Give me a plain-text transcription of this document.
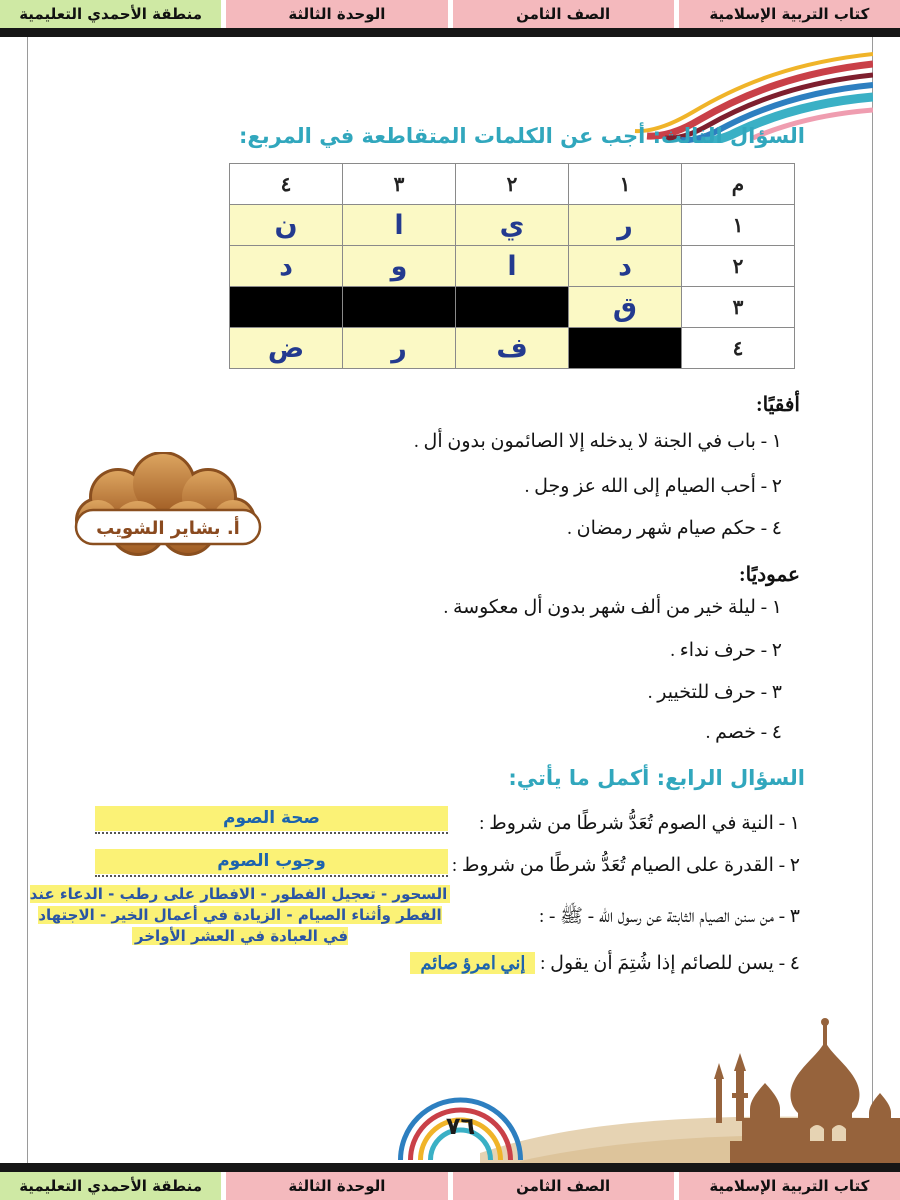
كتاب التربية الإسلامية
الصف الثامن
الوحدة الثالثة
منطقة الأحمدي التعليمية
السؤال الثالث: أجب عن الكلمات المتقاطعة في المربع:
م	١	٢	٣	٤
١	ر	ي	ا	ن
٢	د	ا	و	د
٣	ق			
٤		ف	ر	ض
أفقيًا:
١ - باب في الجنة لا يدخله إلا الصائمون بدون أل .
٢ - أحب الصيام إلى الله عز وجل .
٤ - حكم صيام شهر رمضان .
عموديًا:
١ - ليلة خير من ألف شهر بدون أل معكوسة .
٢ - حرف نداء .
٣ - حرف للتخيير .
٤ - خصم .
أ. بشاير الشويب
السؤال الرابع: أكمل ما يأتي:
١ - النية في الصوم تُعَدُّ شرطًا من شروط :
صحة الصوم
٢ - القدرة على الصيام تُعَدُّ شرطًا من شروط :
وجوب الصوم
٣ - من سنن الصيام الثابتة عن رسول الله - ﷺ - :
السحور - تعجيل الفطور - الافطار على رطب - الدعاء عند الفطر وأثناء الصيام - الزيادة في أعمال الخير - الاجتهاد في العبادة في العشر الأواخر
٤ - يسن للصائم إذا شُتِمَ أن يقول : إني امرؤ صائم
٧٦
كتاب التربية الإسلامية
الصف الثامن
الوحدة الثالثة
منطقة الأحمدي التعليمية
